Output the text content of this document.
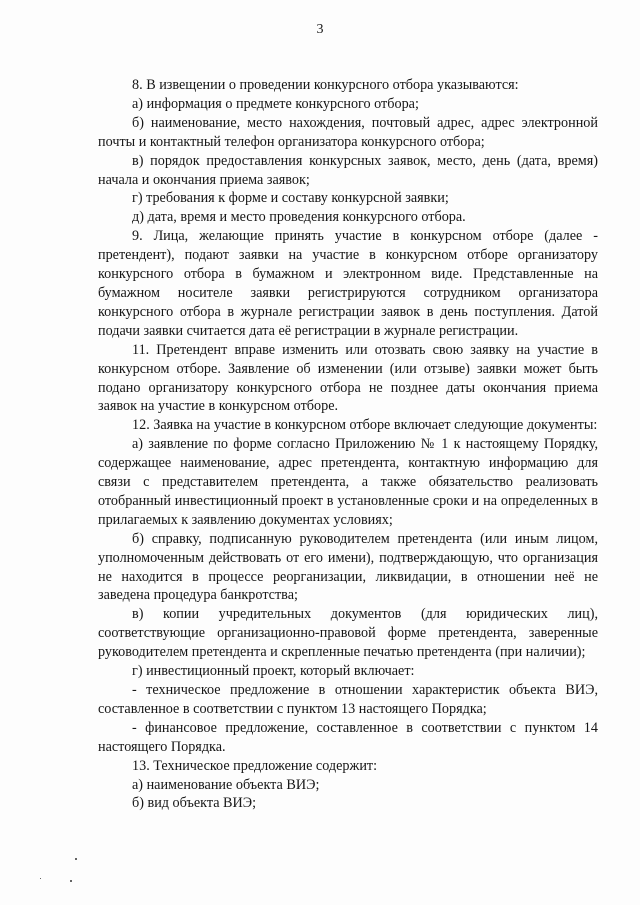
3

8. В извещении о проведении конкурсного отбора указываются:

а) информация о предмете конкурсного отбора;

б) наименование, место нахождения, почтовый адрес, адрес электронной почты и контактный телефон организатора конкурсного отбора;

в) порядок предоставления конкурсных заявок, место, день (дата, время) начала и окончания приема заявок;

г) требования к форме и составу конкурсной заявки;

д) дата, время и место проведения конкурсного отбора.

9. Лица, желающие принять участие в конкурсном отборе (далее - претендент), подают заявки на участие в конкурсном отборе организатору конкурсного отбора в бумажном и электронном виде. Представленные на бумажном носителе заявки регистрируются сотрудником организатора конкурсного отбора в журнале регистрации заявок в день поступления. Датой подачи заявки считается дата её регистрации в журнале регистрации.

11. Претендент вправе изменить или отозвать свою заявку на участие в конкурсном отборе. Заявление об изменении (или отзыве) заявки может быть подано организатору конкурсного отбора не позднее даты окончания приема заявок на участие в конкурсном отборе.

12. Заявка на участие в конкурсном отборе включает следующие документы:

а) заявление по форме согласно Приложению № 1 к настоящему Порядку, содержащее наименование, адрес претендента, контактную информацию для связи с представителем претендента, а также обязательство реализовать отобранный инвестиционный проект в установленные сроки и на определенных в прилагаемых к заявлению документах условиях;

б) справку, подписанную руководителем претендента (или иным лицом, уполномоченным действовать от его имени), подтверждающую, что организация не находится в процессе реорганизации, ликвидации, в отношении неё не заведена процедура банкротства;

в) копии учредительных документов (для юридических лиц), соответствующие организационно-правовой форме претендента, заверенные руководителем претендента и скрепленные печатью претендента (при наличии);

г) инвестиционный проект, который включает:

- техническое предложение в отношении характеристик объекта ВИЭ, составленное в соответствии с пунктом 13 настоящего Порядка;

- финансовое предложение, составленное в соответствии с пунктом 14 настоящего Порядка.

13. Техническое предложение содержит:

а) наименование объекта ВИЭ;

б) вид объекта ВИЭ;
